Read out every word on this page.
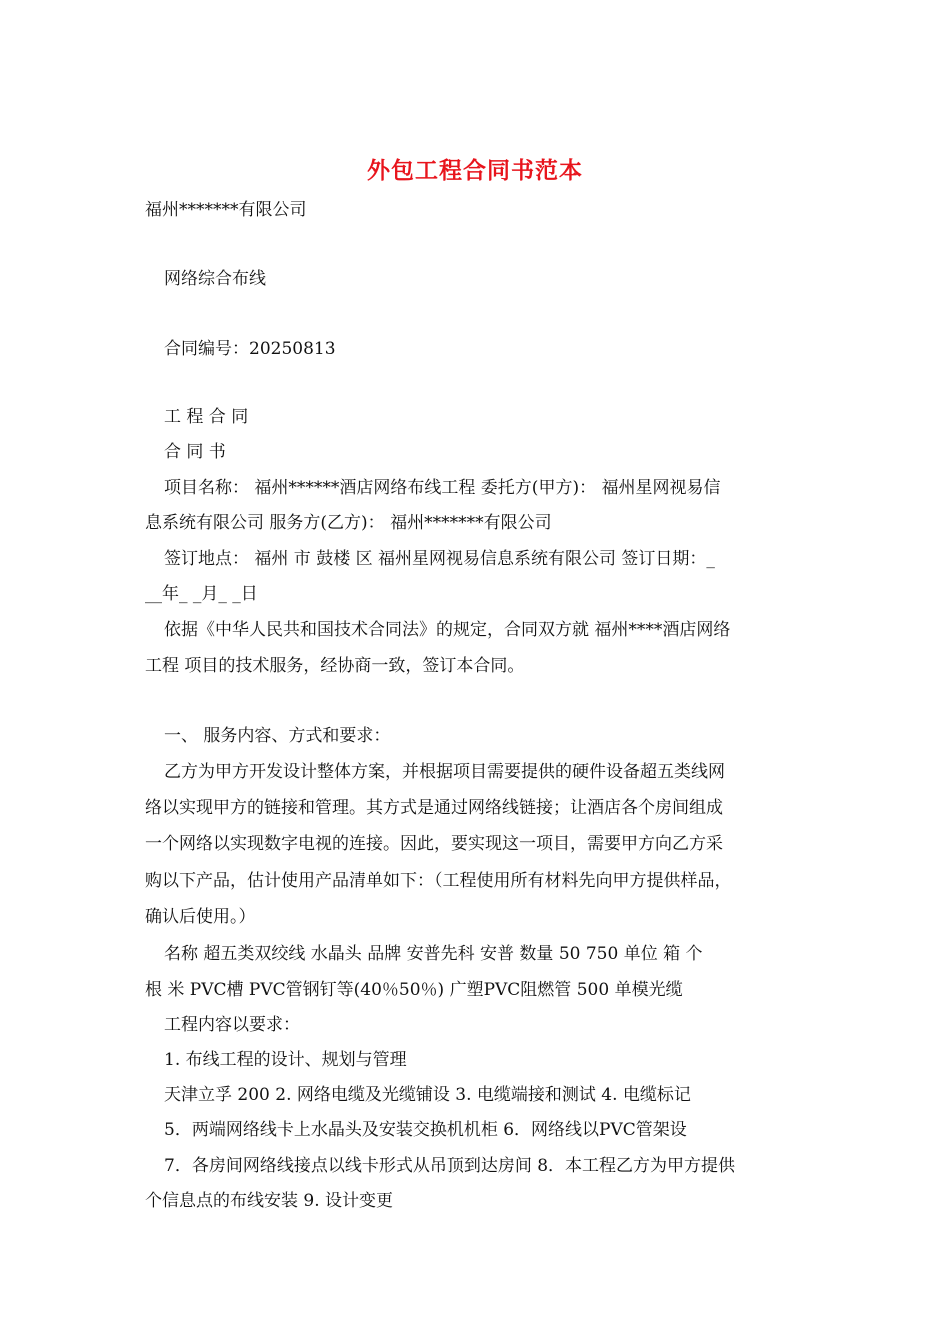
外包工程合同书范本
福州*******有限公司
网络综合布线
合同编号：20250813
工 程 合 同
合 同 书
项目名称： 福州******酒店网络布线工程 委托方(甲方)： 福州星网视易信
息系统有限公司 服务方(乙方)： 福州*******有限公司
签订地点： 福州 市 鼓楼 区 福州星网视易信息系统有限公司 签订日期：_
__年_ _月_ _日
依据《中华人民共和国技术合同法》的规定，合同双方就 福州****酒店网络
工程 项目的技术服务，经协商一致，签订本合同。
一、 服务内容、方式和要求：
乙方为甲方开发设计整体方案，并根据项目需要提供的硬件设备超五类线网
络以实现甲方的链接和管理。其方式是通过网络线链接；让酒店各个房间组成
一个网络以实现数字电视的连接。因此，要实现这一项目，需要甲方向乙方采
购以下产品，估计使用产品清单如下：（工程使用所有材料先向甲方提供样品，
确认后使用。）
名称 超五类双绞线 水晶头 品牌 安普先科 安普 数量 50 750 单位 箱 个
根 米 PVC槽 PVC管钢钉等(40％50％) 广塑PVC阻燃管 500 单模光缆
工程内容以要求：
1. 布线工程的设计、规划与管理
天津立孚 200 2. 网络电缆及光缆铺设 3. 电缆端接和测试 4. 电缆标记
5．两端网络线卡上水晶头及安装交换机机柜 6．网络线以PVC管架设
7．各房间网络线接点以线卡形式从吊顶到达房间 8．本工程乙方为甲方提供
个信息点的布线安装 9. 设计变更
